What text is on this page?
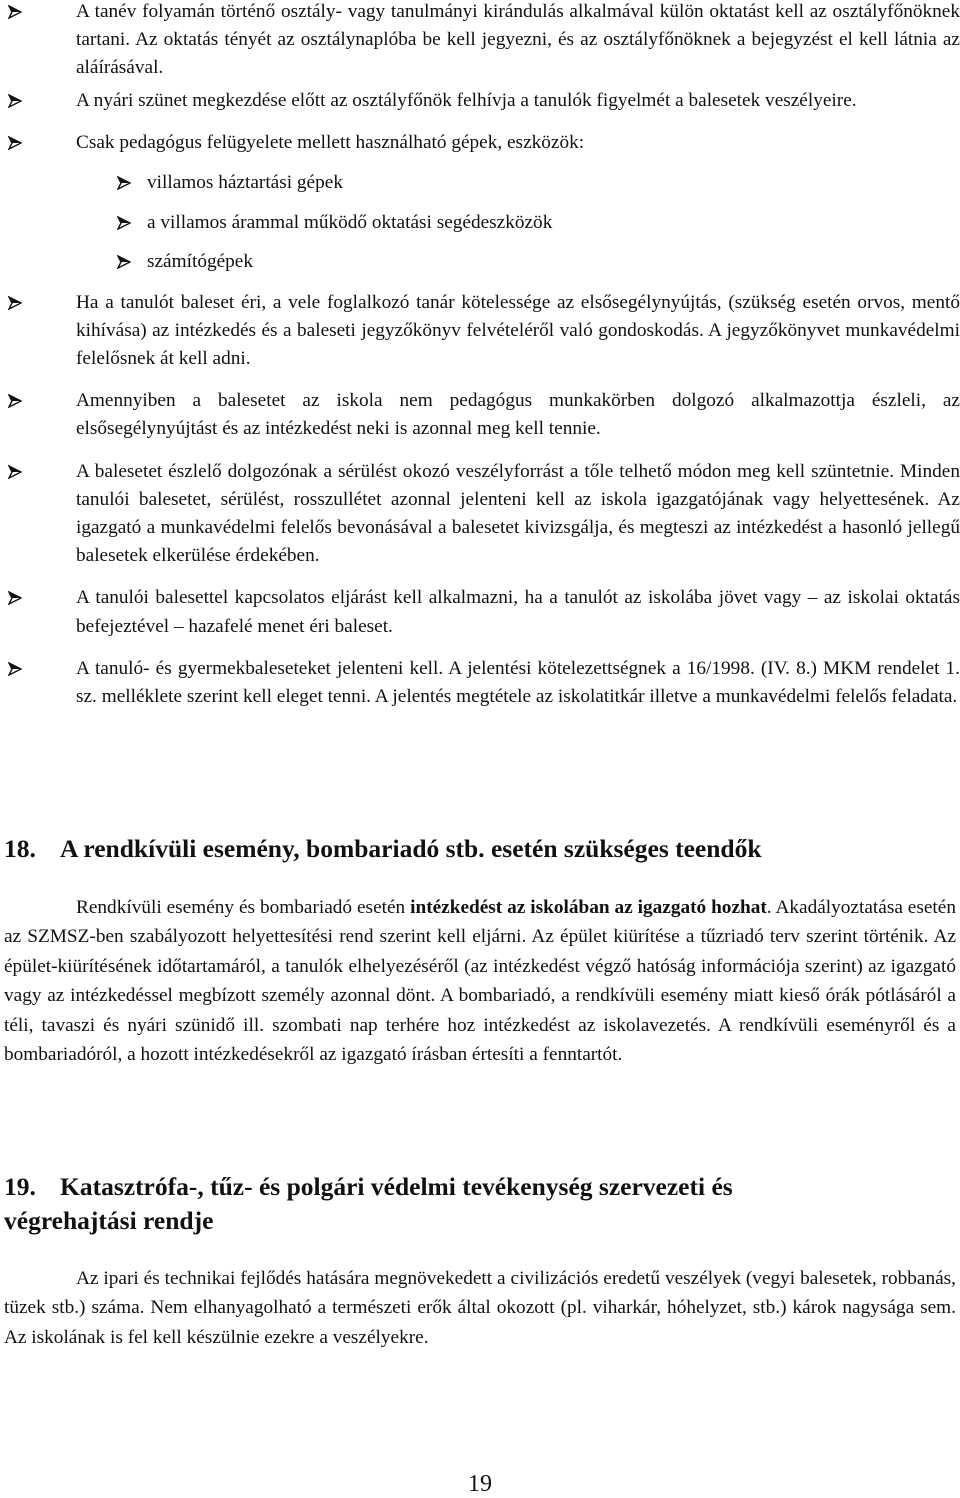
A tanév folyamán történő osztály- vagy tanulmányi kirándulás alkalmával külön oktatást kell az osztályfőnöknek tartani. Az oktatás tényét az osztálynaplóba be kell jegyezni, és az osztályfőnöknek a bejegyzést el kell látnia az aláírásával.
A nyári szünet megkezdése előtt az osztályfőnök felhívja a tanulók figyelmét a balesetek veszélyeire.
Csak pedagógus felügyelete mellett használható gépek, eszközök:
villamos háztartási gépek
a villamos árammal működő oktatási segédeszközök
számítógépek
Ha a tanulót baleset éri, a vele foglalkozó tanár kötelessége az elsősegélynyújtás, (szükség esetén orvos, mentő kihívása) az intézkedés és a baleseti jegyzőkönyv felvételéről való gondoskodás. A jegyzőkönyvet munkavédelmi felelősnek át kell adni.
Amennyiben a balesetet az iskola nem pedagógus munkakörben dolgozó alkalmazottja észleli, az elsősegélynyújtást és az intézkedést neki is azonnal meg kell tennie.
A balesetet észlelő dolgozónak a sérülést okozó veszélyforrást a tőle telhető módon meg kell szüntetnie. Minden tanulói balesetet, sérülést, rosszullétet azonnal jelenteni kell az iskola igazgatójának vagy helyettesének. Az igazgató a munkavédelmi felelős bevonásával a balesetet kivizsgálja, és megteszi az intézkedést a hasonló jellegű balesetek elkerülése érdekében.
A tanulói balesettel kapcsolatos eljárást kell alkalmazni, ha a tanulót az iskolába jövet vagy – az iskolai oktatás befejeztével – hazafelé menet éri baleset.
A tanuló- és gyermekbaleseteket jelenteni kell. A jelentési kötelezettségnek a 16/1998. (IV. 8.) MKM rendelet 1. sz. melléklete szerint kell eleget tenni. A jelentés megtétele az iskolatitkár illetve a munkavédelmi felelős feladata.
18. A rendkívüli esemény, bombariadó stb. esetén szükséges teendők

Rendkívüli esemény és bombariadó esetén intézkedést az iskolában az igazgató hozhat. Akadályoztatása esetén az SZMSZ-ben szabályozott helyettesítési rend szerint kell eljárni. Az épület kiürítése a tűzriadó terv szerint történik. Az épület-kiürítésének időtartamáról, a tanulók elhelyezéséről (az intézkedést végző hatóság információja szerint) az igazgató vagy az intézkedéssel megbízott személy azonnal dönt. A bombariadó, a rendkívüli esemény miatt kieső órák pótlásáról a téli, tavaszi és nyári szünidő ill. szombati nap terhére hoz intézkedést az iskolavezetés. A rendkívüli eseményről és a bombariadóról, a hozott intézkedésekről az igazgató írásban értesíti a fenntartót.

19. Katasztrófa-, tűz- és polgári védelmi tevékenység szervezeti és végrehajtási rendje

Az ipari és technikai fejlődés hatására megnövekedett a civilizációs eredetű veszélyek (vegyi balesetek, robbanás, tüzek stb.) száma. Nem elhanyagolható a természeti erők által okozott (pl. viharkár, hóhelyzet, stb.) károk nagysága sem. Az iskolának is fel kell készülnie ezekre a veszélyekre.

19
